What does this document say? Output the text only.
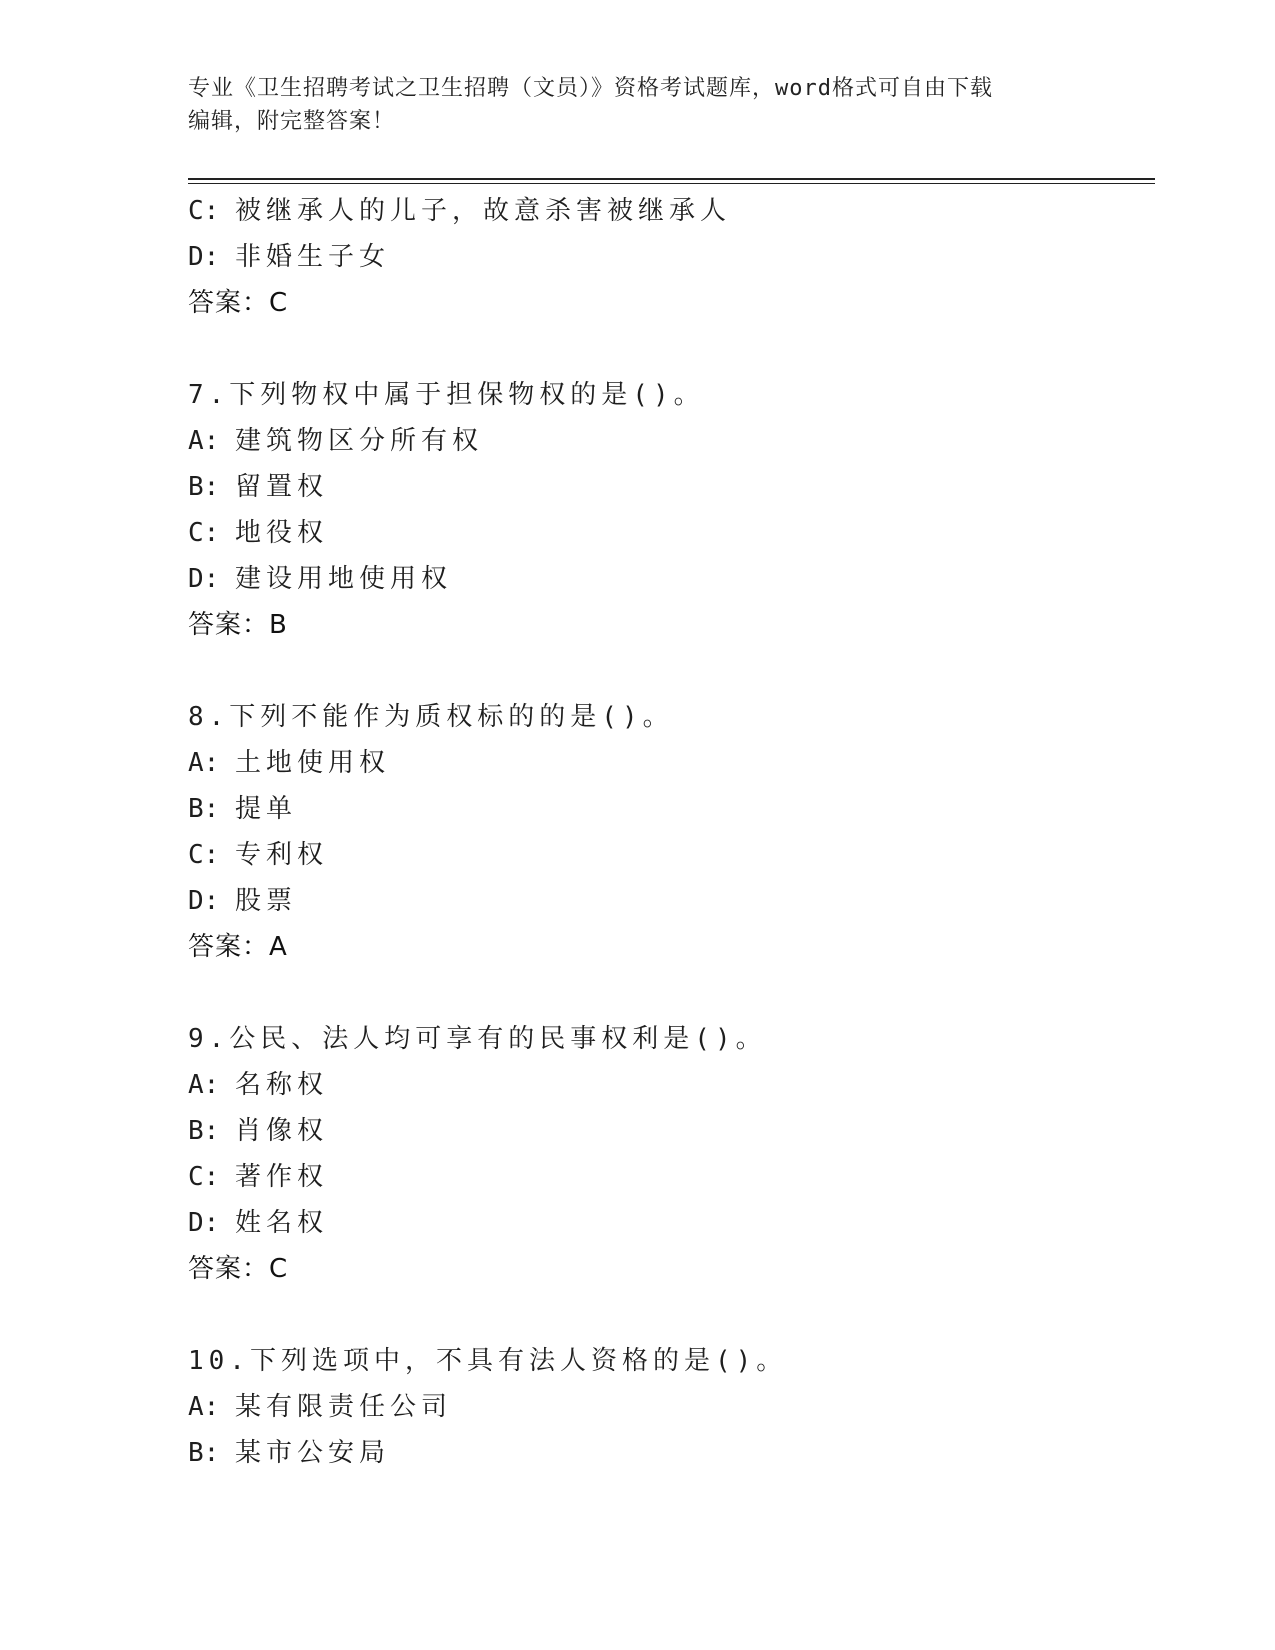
专业《卫生招聘考试之卫生招聘（文员）》资格考试题库，word格式可自由下载
编辑，附完整答案！
C: 被继承人的儿子，故意杀害被继承人
D: 非婚生子女
答案：C
7.下列物权中属于担保物权的是()。
A: 建筑物区分所有权
B: 留置权
C: 地役权
D: 建设用地使用权
答案：B
8.下列不能作为质权标的的是()。
A: 土地使用权
B: 提单
C: 专利权
D: 股票
答案：A
9.公民、法人均可享有的民事权利是()。
A: 名称权
B: 肖像权
C: 著作权
D: 姓名权
答案：C
10.下列选项中，不具有法人资格的是()。
A: 某有限责任公司
B: 某市公安局
